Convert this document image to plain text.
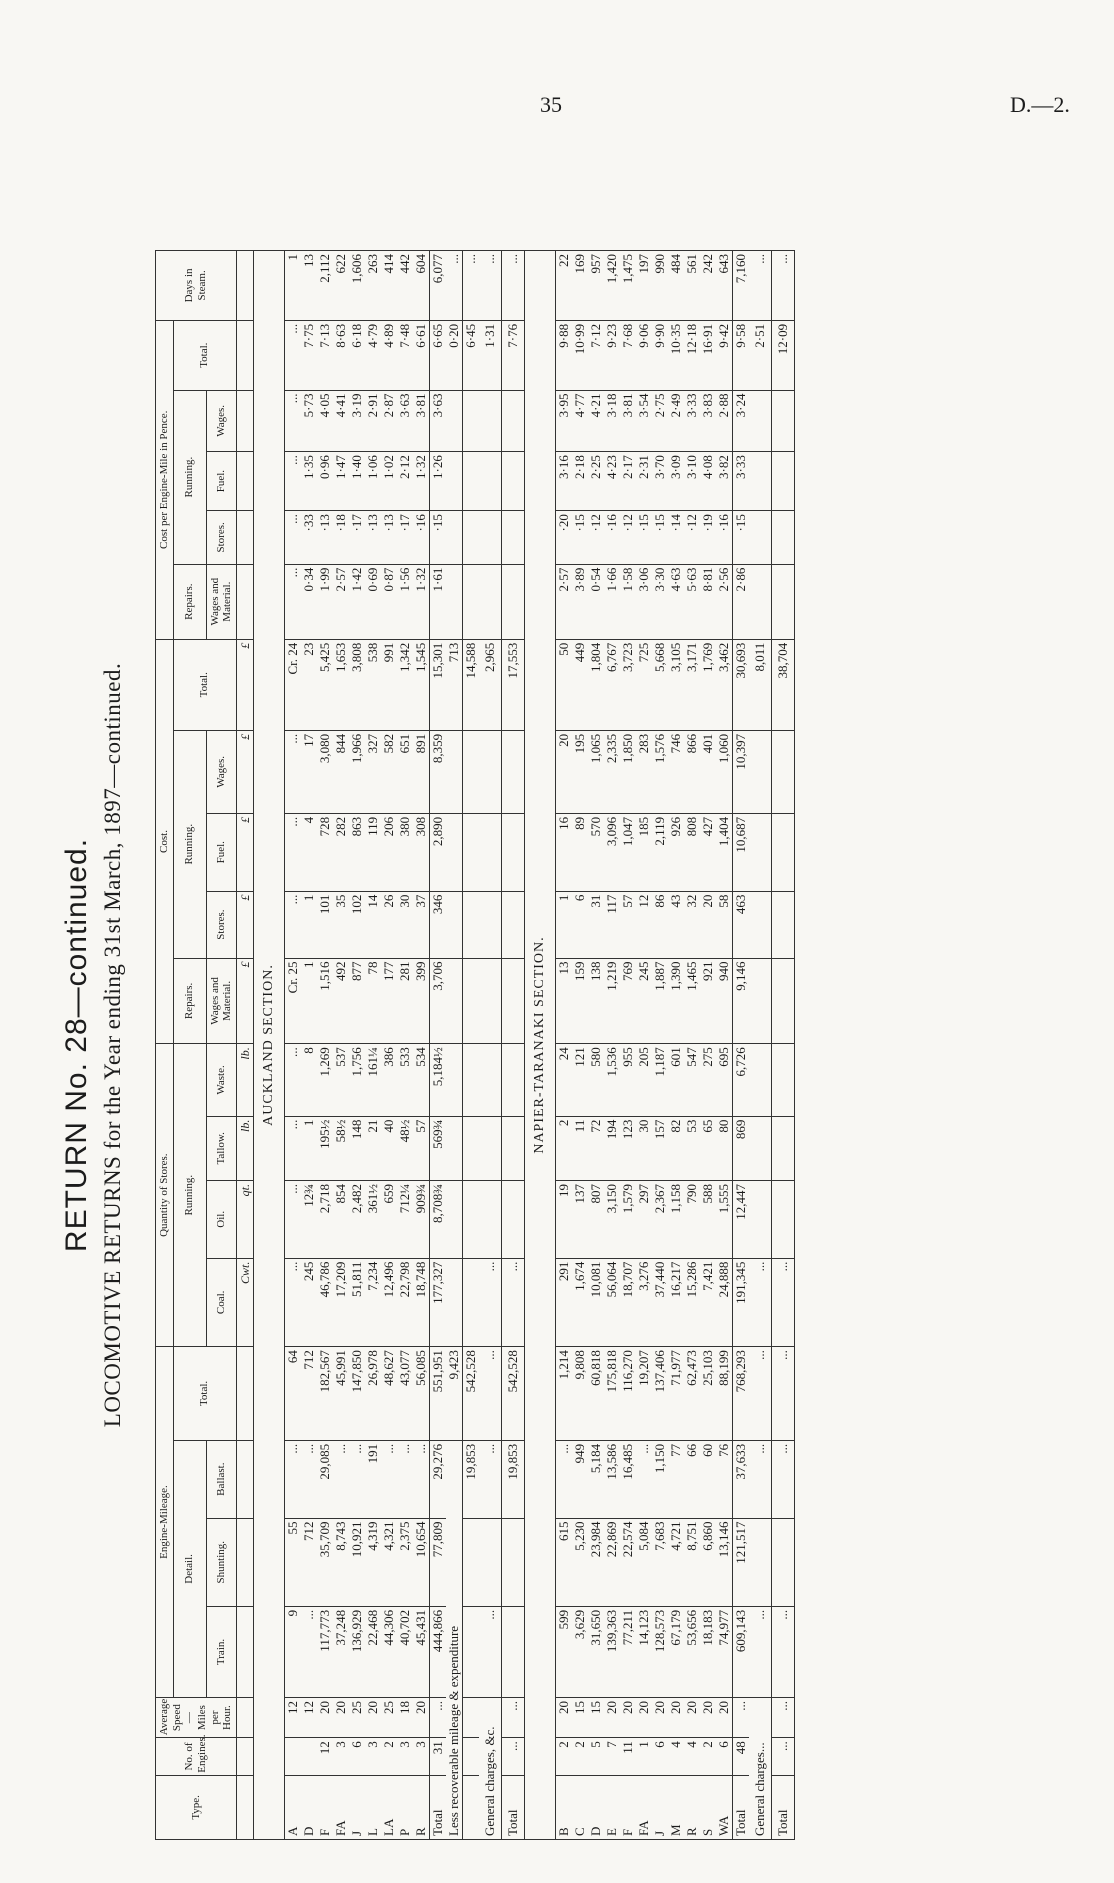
35	D.—2.
RETURN No. 28—continued. LOCOMOTIVE RETURNS for the Year ending 31st March, 1897—continued.
Type.	No. of Engines.	Average Speed—Miles per Hour.	Engine-Mileage.				Quantity of Stores.				Cost.					Cost per Engine-Mile in Pence.					Days in Steam.
			Detail.			Total.	Running.				Repairs.	Running.			Total.	Repairs.	Running.			Total.	
			Train.	Shunting.	Ballast.		Coal.	Oil.	Tallow.	Waste.	Wages and Material.	Stores.	Fuel.	Wages.		Wages and Material.	Stores.	Fuel.	Wages.		
							Cwt.	qt.	lb.	lb.	£	£	£	£	£						
AUCKLAND SECTION.																					
A		12	9	55	...	64	...	...	...	...	Cr. 25	...	...	...	Cr. 24	...	...	...	...	...	1
D		12	...	712	...	712	245	12¾	1	8	1	1	4	17	23	0·34	·33	1·35	5·73	7·75	13
F	12	20	117,773	35,709	29,085	182,567	46,786	2,718	195½	1,269	1,516	101	728	3,080	5,425	1·99	·13	0·96	4·05	7·13	2,112
FA	3	20	37,248	8,743	...	45,991	17,209	854	58½	537	492	35	282	844	1,653	2·57	·18	1·47	4·41	8·63	622
J	6	25	136,929	10,921	...	147,850	51,811	2,482	148	1,756	877	102	863	1,966	3,808	1·42	·17	1·40	3·19	6·18	1,606
L	3	20	22,468	4,319	191	26,978	7,234	361½	21	161¼	78	14	119	327	538	0·69	·13	1·06	2·91	4·79	263
LA	2	25	44,306	4,321	...	48,627	12,496	659	40	386	177	26	206	582	991	0·87	·13	1·02	2·87	4·89	414
P	3	18	40,702	2,375	...	43,077	22,798	712¼	48½	533	281	30	380	651	1,342	1·56	·17	2·12	3·63	7·48	442
R	3	20	45,431	10,654	...	56,085	18,748	909¾	57	534	399	37	308	891	1,545	1·32	·16	1·32	3·81	6·61	604
Total	31	...	444,866	77,809	29,276	551,951	177,327	8,708¾	569¾	5,184½	3,706	346	2,890	8,359	15,301	1·61	·15	1·26	3·63	6·65	6,077
Less recoverable mileage & expenditure						9,423									713					0·20	...
					19,853	542,528									14,588					6·45	...
General charges, &c.			...		...	...	...								2,965					1·31	...
Total	...	...			19,853	542,528	...								17,553					7·76	...
NAPIER-TARANAKI SECTION.																					
B	2	20	599	615	...	1,214	291	19	2	24	13	1	16	20	50	2·57	·20	3·16	3·95	9·88	22
C	2	15	3,629	5,230	949	9,808	1,674	137	11	121	159	6	89	195	449	3·89	·15	2·18	4·77	10·99	169
D	5	15	31,650	23,984	5,184	60,818	10,081	807	72	580	138	31	570	1,065	1,804	0·54	·12	2·25	4·21	7·12	957
E	7	20	139,363	22,869	13,586	175,818	56,064	3,150	194	1,536	1,219	117	3,096	2,335	6,767	1·66	·16	4·23	3·18	9·23	1,420
F	11	20	77,211	22,574	16,485	116,270	18,707	1,579	123	955	769	57	1,047	1,850	3,723	1·58	·12	2·17	3·81	7·68	1,475
FA	1	20	14,123	5,084	...	19,207	3,276	297	30	205	245	12	185	283	725	3·06	·15	2·31	3·54	9·06	197
J	6	20	128,573	7,683	1,150	137,406	37,440	2,367	157	1,187	1,887	86	2,119	1,576	5,668	3·30	·15	3·70	2·75	9·90	990
M	4	20	67,179	4,721	77	71,977	16,217	1,158	82	601	1,390	43	926	746	3,105	4·63	·14	3·09	2·49	10·35	484
R	4	20	53,656	8,751	66	62,473	15,286	790	53	547	1,465	32	808	866	3,171	5·63	·12	3·10	3·33	12·18	561
S	2	20	18,183	6,860	60	25,103	7,421	588	65	275	921	20	427	401	1,769	8·81	·19	4·08	3·83	16·91	242
WA	6	20	74,977	13,146	76	88,199	24,888	1,555	80	695	940	58	1,404	1,060	3,462	2·56	·16	3·82	2·88	9·42	643
Total	48	...	609,143	121,517	37,633	768,293	191,345	12,447	869	6,726	9,146	463	10,687	10,397	30,693	2·86	·15	3·33	3·24	9·58	7,160
General charges...			...		...	...	...								8,011					2·51	...
Total	...	...	...		...	...	...								38,704					12·09	...
